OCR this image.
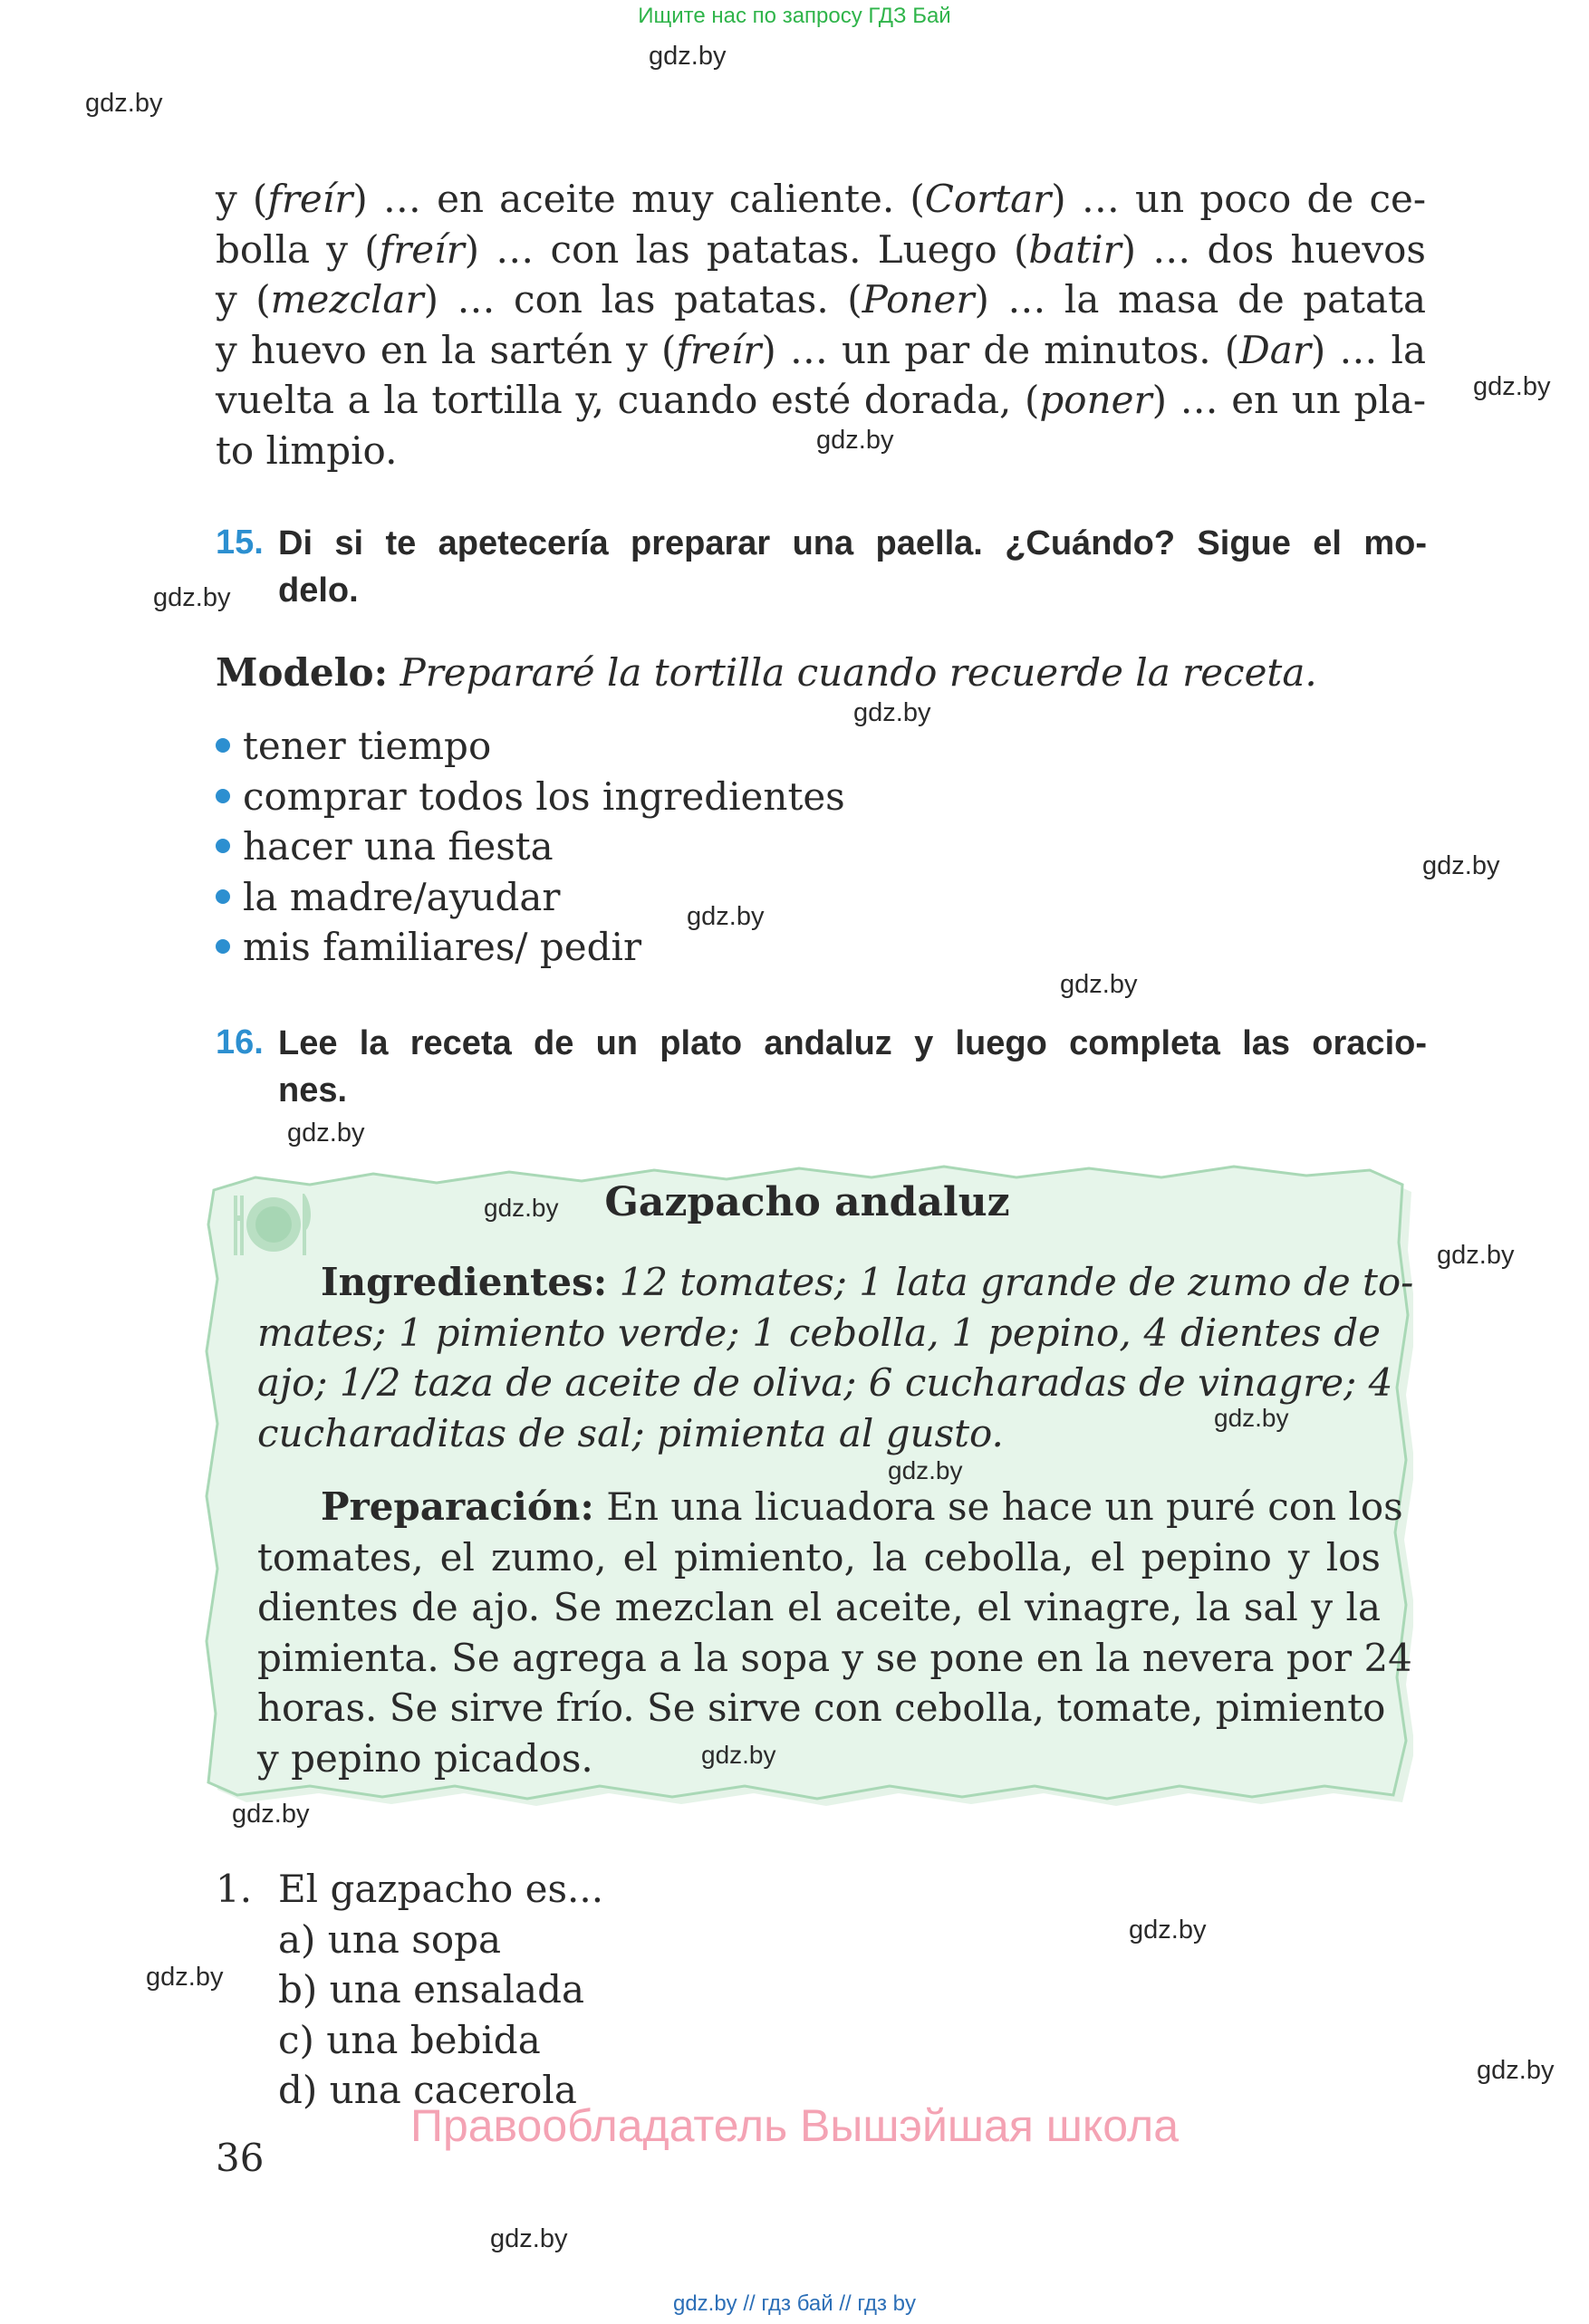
Ищите нас по запросу ГДЗ Бай
gdz.by
gdz.by
gdz.by
gdz.by
gdz.by
gdz.by
gdz.by
gdz.by
gdz.by
gdz.by
gdz.by
gdz.by
gdz.by
gdz.by
gdz.by
y (freír) … en aceite muy caliente. (Cortar) … un poco de ce-
bolla y (freír) … con las patatas. Luego (batir) … dos huevos
y (mezclar) … con las patatas. (Poner) … la masa de patata
y huevo en la sartén y (freír) … un par de minutos. (Dar) … la
vuelta a la tortilla y, cuando esté dorada, (poner) … en un pla-
to limpio.
15. Di si te apetecería preparar una paella. ¿Cuándo? Sigue el mo-
delo.
Modelo: Prepararé la tortilla cuando recuerde la receta.
tener tiempo
comprar todos los ingredientes
hacer una fiesta
la madre/ayudar
mis familiares/ pedir
16. Lee la receta de un plato andaluz y luego completa las oracio-
nes.
Gazpacho andaluz
gdz.by
Ingredientes: 12 tomates; 1 lata grande de zumo de to-
mates; 1 pimiento verde; 1 cebolla, 1 pepino, 4 dientes de
ajo; 1/2 taza de aceite de oliva; 6 cucharadas de vinagre; 4
cucharaditas de sal; pimienta al gusto.	gdz.by
gdz.by
Preparación: En una licuadora se hace un puré con los
tomates, el zumo, el pimiento, la cebolla, el pepino y los
dientes de ajo. Se mezclan el aceite, el vinagre, la sal y la
pimienta. Se agrega a la sopa y se pone en la nevera por 24
horas. Se sirve frío. Se sirve con cebolla, tomate, pimiento
y pepino picados.	gdz.by
gdz.by
1. El gazpacho es...
a) una sopa
b) una ensalada
c) una bebida
d) una cacerola
Правообладатель Вышэйшая школа
36
gdz.by // гдз бай // гдз by
